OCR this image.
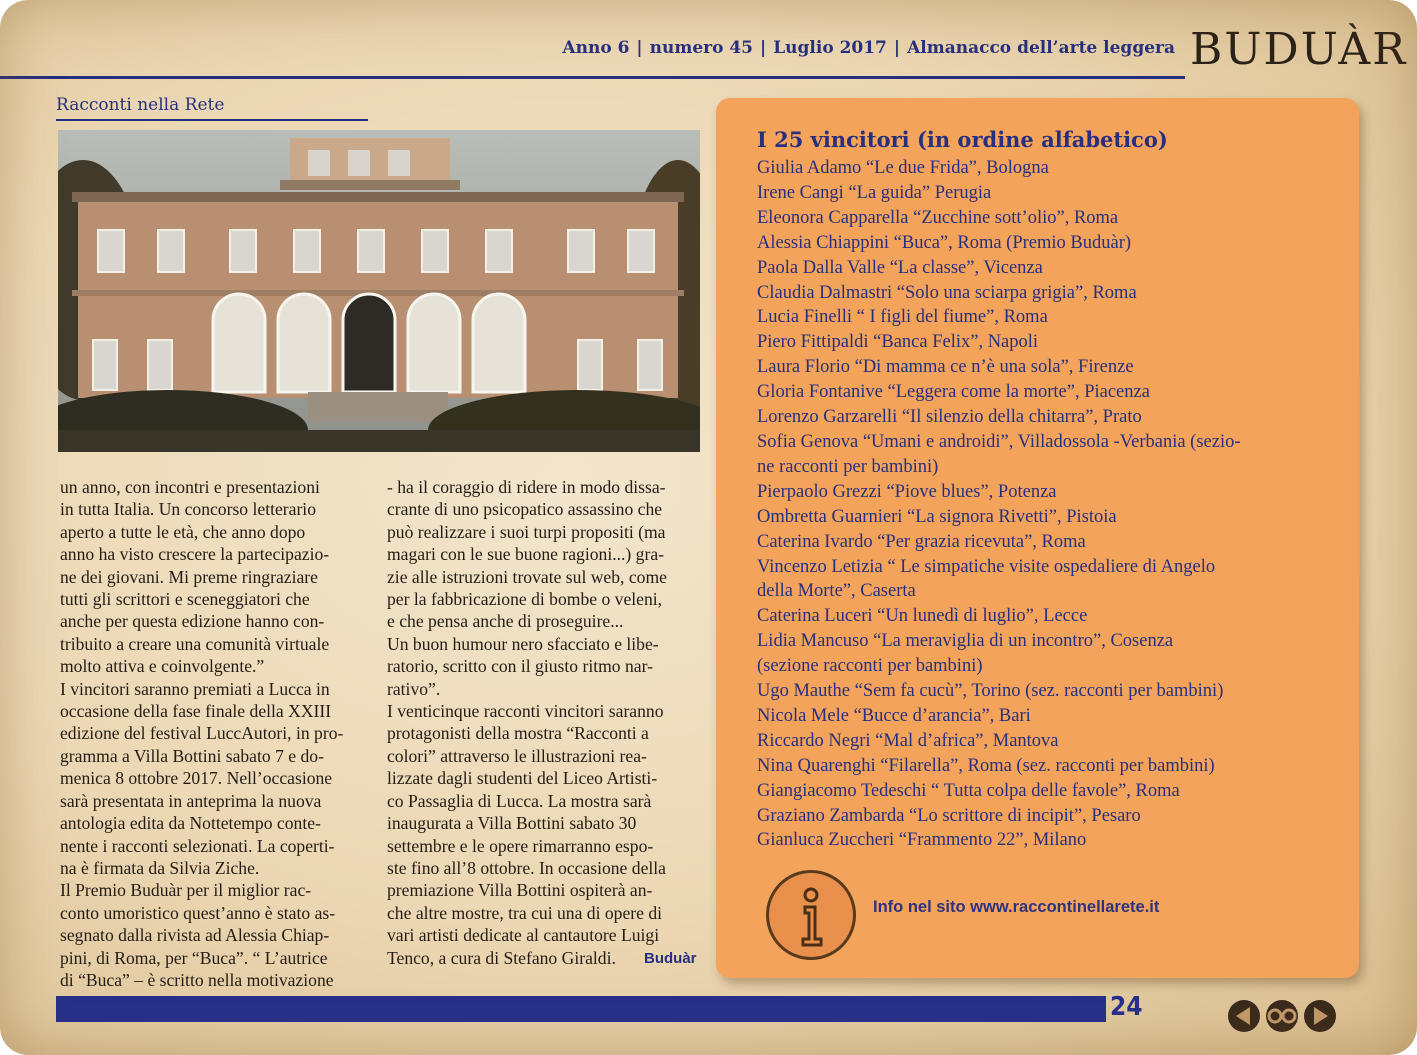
Anno 6 | numero 45 | Luglio 2017 | Almanacco dell’arte leggera BUDUÀR
Racconti nella Rete
un anno, con incontri e presentazioni
in tutta Italia. Un concorso letterario
aperto a tutte le età, che anno dopo
anno ha visto crescere la partecipazio-
ne dei giovani. Mi preme ringraziare
tutti gli scrittori e sceneggiatori che
anche per questa edizione hanno con-
tribuito a creare una comunità virtuale
molto attiva e coinvolgente.”
I vincitori saranno premiati a Lucca in
occasione della fase finale della XXIII
edizione del festival LuccAutori, in pro-
gramma a Villa Bottini sabato 7 e do-
menica 8 ottobre 2017. Nell’occasione
sarà presentata in anteprima la nuova
antologia edita da Nottetempo conte-
nente i racconti selezionati. La coperti-
na è firmata da Silvia Ziche.
Il Premio Buduàr per il miglior rac-
conto umoristico quest’anno è stato as-
segnato dalla rivista ad Alessia Chiap-
pini, di Roma, per “Buca”. “ L’autrice
di “Buca” – è scritto nella motivazione
- ha il coraggio di ridere in modo dissa-
crante di uno psicopatico assassino che
può realizzare i suoi turpi propositi (ma
magari con le sue buone ragioni...) gra-
zie alle istruzioni trovate sul web, come
per la fabbricazione di bombe o veleni,
e che pensa anche di proseguire...
Un buon humour nero sfacciato e libe-
ratorio, scritto con il giusto ritmo nar-
rativo”.
I venticinque racconti vincitori saranno
protagonisti della mostra “Racconti a
colori” attraverso le illustrazioni rea-
lizzate dagli studenti del Liceo Artisti-
co Passaglia di Lucca. La mostra sarà
inaugurata a Villa Bottini sabato 30
settembre e le opere rimarranno espo-
ste fino all’8 ottobre. In occasione della
premiazione Villa Bottini ospiterà an-
che altre mostre, tra cui una di opere di
vari artisti dedicate al cantautore Luigi
Tenco, a cura di Stefano Giraldi.	Buduàr
I 25 vincitori (in ordine alfabetico)
Giulia Adamo “Le due Frida”, Bologna
Irene Cangi “La guida” Perugia
Eleonora Capparella “Zucchine sott’olio”, Roma
Alessia Chiappini “Buca”, Roma (Premio Buduàr)
Paola Dalla Valle “La classe”, Vicenza
Claudia Dalmastri “Solo una sciarpa grigia”, Roma
Lucia Finelli “ I figli del fiume”, Roma
Piero Fittipaldi “Banca Felix”, Napoli
Laura Florio “Di mamma ce n’è una sola”, Firenze
Gloria Fontanive “Leggera come la morte”, Piacenza
Lorenzo Garzarelli “Il silenzio della chitarra”, Prato
Sofia Genova “Umani e androidi”, Villadossola -Verbania (sezio-
ne racconti per bambini)
Pierpaolo Grezzi “Piove blues”, Potenza
Ombretta Guarnieri “La signora Rivetti”, Pistoia
Caterina Ivardo “Per grazia ricevuta”, Roma
Vincenzo Letizia “ Le simpatiche visite ospedaliere di Angelo
della Morte”, Caserta
Caterina Luceri “Un lunedì di luglio”, Lecce
Lidia Mancuso “La meraviglia di un incontro”, Cosenza
(sezione racconti per bambini)
Ugo Mauthe “Sem fa cucù”, Torino (sez. racconti per bambini)
Nicola Mele “Bucce d’arancia”, Bari
Riccardo Negri “Mal d’africa”, Mantova
Nina Quarenghi “Filarella”, Roma (sez. racconti per bambini)
Giangiacomo Tedeschi “ Tutta colpa delle favole”, Roma
Graziano Zambarda “Lo scrittore di incipit”, Pesaro
Gianluca Zuccheri “Frammento 22”, Milano
Info nel sito www.raccontinellarete.it
24
